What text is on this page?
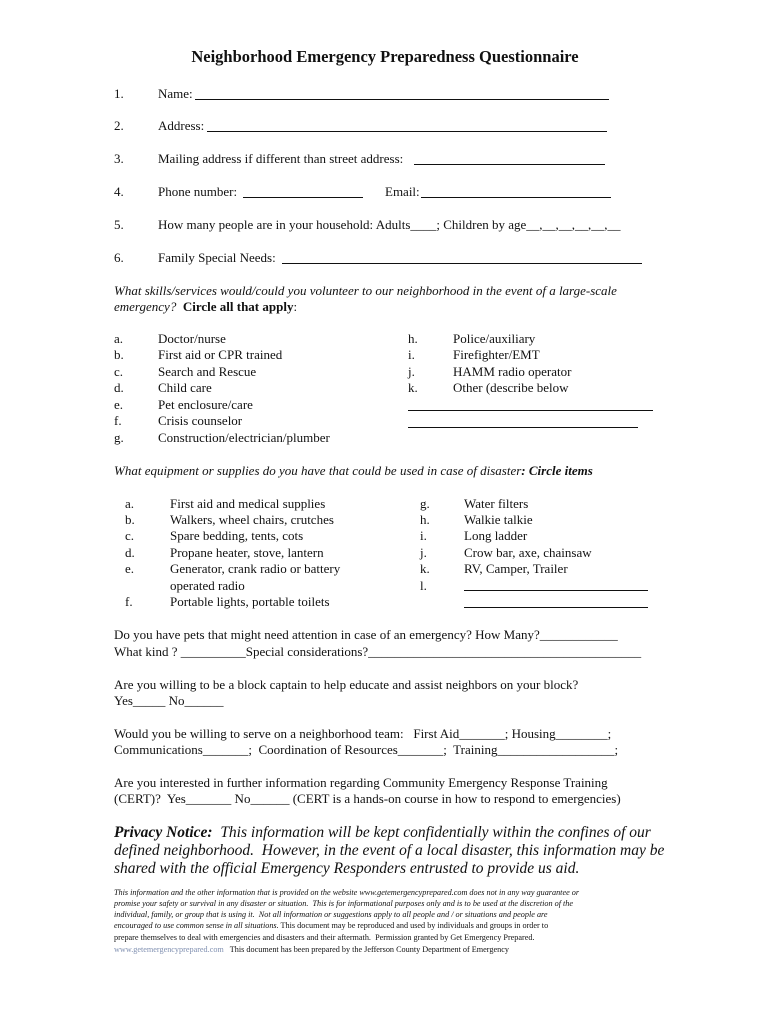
Neighborhood Emergency Preparedness Questionnaire
1.	Name:
2.	Address:
3.	Mailing address if different than street address:
4.	Phone number:	Email:
5.	How many people are in your household: Adults____; Children by age__,__,__,__,__,__
6.	Family Special Needs:
What skills/services would/could you volunteer to our neighborhood in the event of a large-scale
emergency? Circle all that apply:
a.	Doctor/nurse
b.	First aid or CPR trained
c.	Search and Rescue
d.	Child care
e.	Pet enclosure/care
f.	Crisis counselor
g.	Construction/electrician/plumber
h.	Police/auxiliary
i.	Firefighter/EMT
j.	HAMM radio operator
k.	Other (describe below
What equipment or supplies do you have that could be used in case of disaster: Circle items
a.	First aid and medical supplies
b.	Walkers, wheel chairs, crutches
c.	Spare bedding, tents, cots
d.	Propane heater, stove, lantern
e.	Generator, crank radio or battery
operated radio
f.	Portable lights, portable toilets
g.	Water filters
h.	Walkie talkie
i.	Long ladder
j.	Crow bar, axe, chainsaw
k.	RV, Camper, Trailer
l.
Do you have pets that might need attention in case of an emergency? How Many?____________
What kind ? __________Special considerations?__________________________________________
Are you willing to be a block captain to help educate and assist neighbors on your block?
Yes_____ No______
Would you be willing to serve on a neighborhood team:   First Aid_______; Housing________;
Communications_______;  Coordination of Resources_______;  Training__________________;
Are you interested in further information regarding Community Emergency Response Training
(CERT)?  Yes_______ No______ (CERT is a hands-on course in how to respond to emergencies)
Privacy Notice:  This information will be kept confidentially within the confines of our
defined neighborhood.  However, in the event of a local disaster, this information may be
shared with the official Emergency Responders entrusted to provide us aid.
This information and the other information that is provided on the website www.getemergencyprepared.com does not in any way guarantee or
promise your safety or survival in any disaster or situation.  This is for informational purposes only and is to be used at the discretion of the
individual, family, or group that is using it.  Not all information or suggestions apply to all people and / or situations and people are
encouraged to use common sense in all situations. This document may be reproduced and used by individuals and groups in order to
prepare themselves to deal with emergencies and disasters and their aftermath.  Permission granted by Get Emergency Prepared.
www.getemergencyprepared.com   This document has been prepared by the Jefferson County Department of Emergency
